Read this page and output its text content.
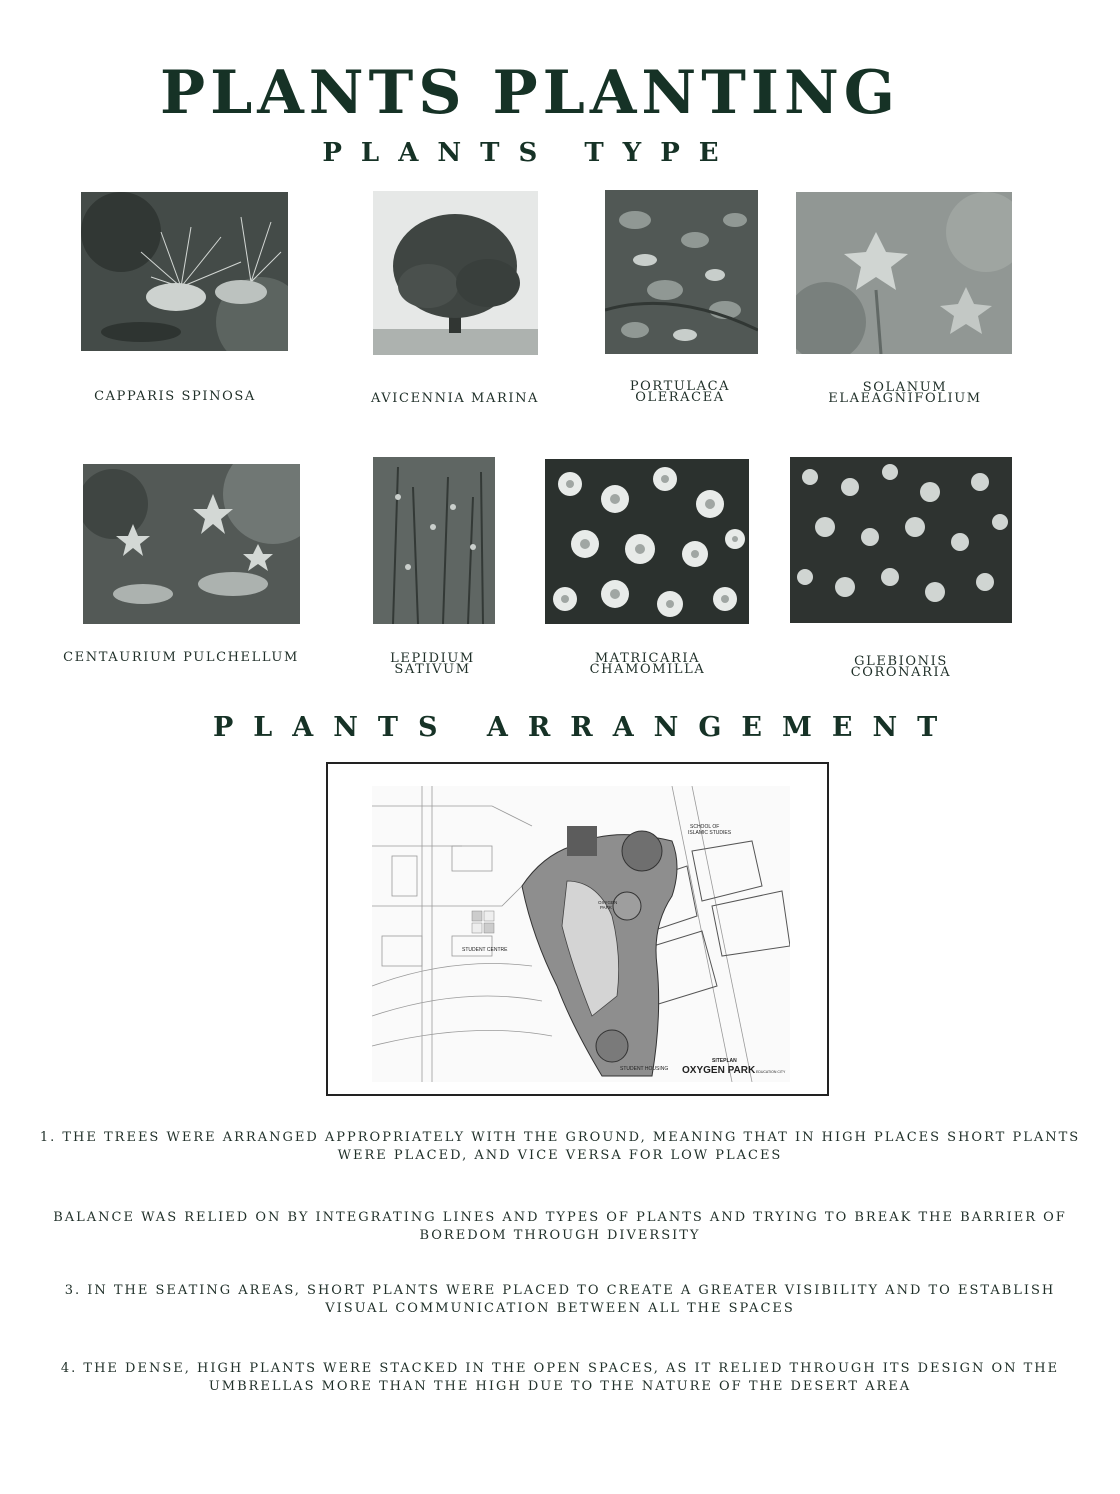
PLANTS PLANTING
PLANTS TYPE
CAPPARIS SPINOSA	AVICENNIA MARINA
PORTULACA
OLERACEA
SOLANUM
ELAEAGNIFOLIUM
CENTAURIUM PULCHELLUM	LEPIDIUM
SATIVUM
MATRICARIA
CHAMOMILLA
GLEBIONIS
CORONARIA
PLANTS ARRANGEMENT
SCHOOL OF ISLAMIC STUDIES
OXYGEN PARK
STUDENT CENTRE
STUDENT HOUSING
SITEPLAN
OXYGEN PARK EDUCATION CITY

1. THE TREES WERE ARRANGED APPROPRIATELY WITH THE GROUND, MEANING THAT IN HIGH PLACES SHORT PLANTS WERE PLACED, AND VICE VERSA FOR LOW PLACES

BALANCE WAS RELIED ON BY INTEGRATING LINES AND TYPES OF PLANTS AND TRYING TO BREAK THE BARRIER OF BOREDOM THROUGH DIVERSITY

3. IN THE SEATING AREAS, SHORT PLANTS WERE PLACED TO CREATE A GREATER VISIBILITY AND TO ESTABLISH VISUAL COMMUNICATION BETWEEN ALL THE SPACES

4. THE DENSE, HIGH PLANTS WERE STACKED IN THE OPEN SPACES, AS IT RELIED THROUGH ITS DESIGN ON THE UMBRELLAS MORE THAN THE HIGH DUE TO THE NATURE OF THE DESERT AREA
